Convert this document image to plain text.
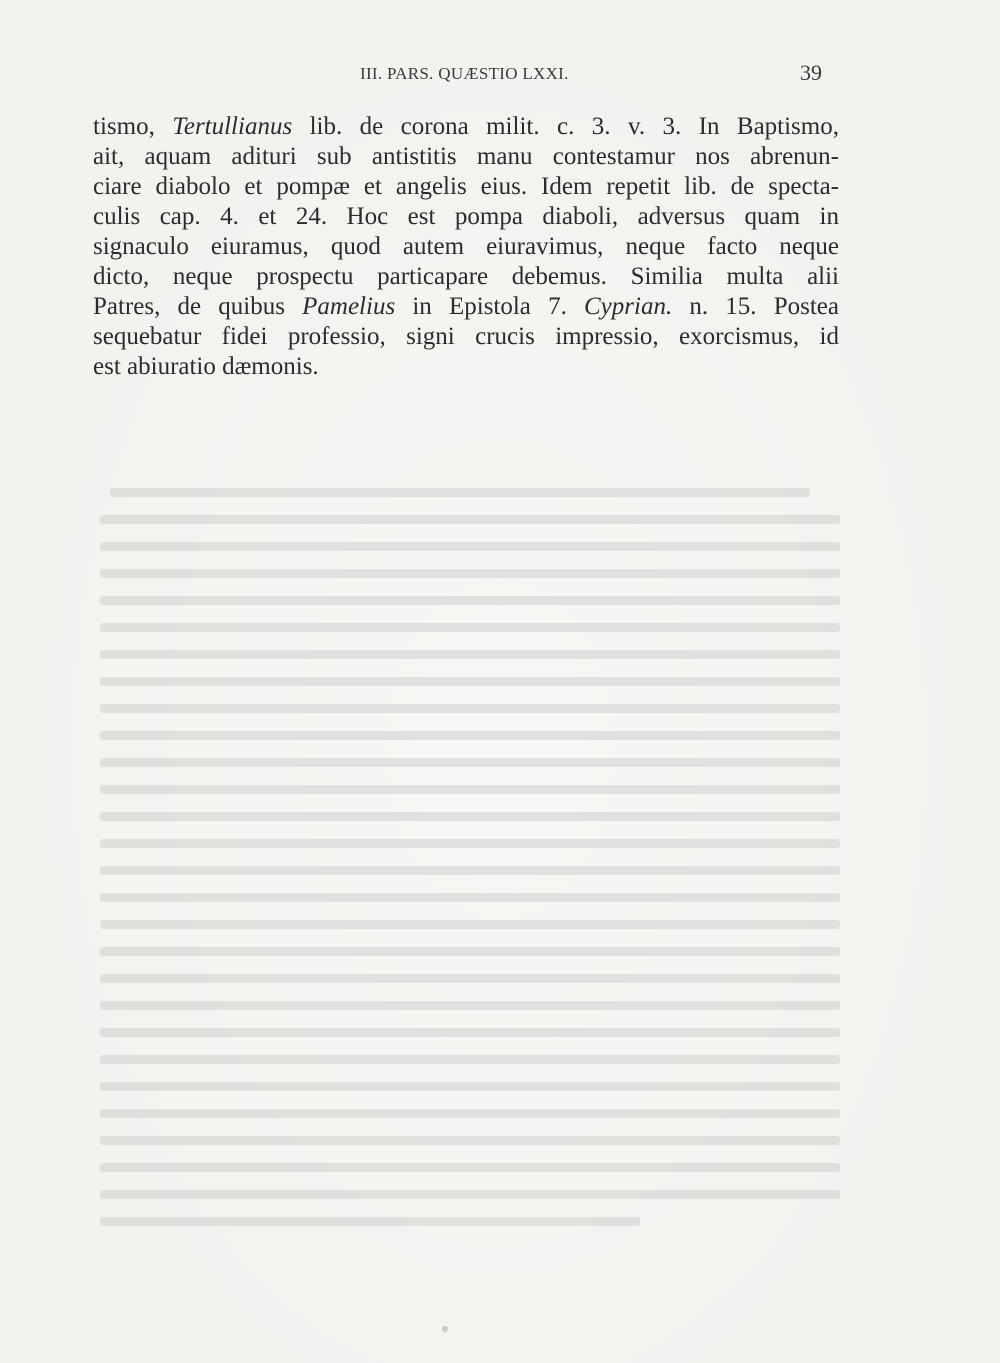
III. PARS. QUÆSTIO LXXI.	39
tismo, Tertullianus lib. de corona milit. c. 3. v. 3. In Baptismo,
ait, aquam adituri sub antistitis manu contestamur nos abrenun-
ciare diabolo et pompæ et angelis eius. Idem repetit lib. de specta-
culis cap. 4. et 24. Hoc est pompa diaboli, adversus quam in
signaculo eiuramus, quod autem eiuravimus, neque facto neque
dicto, neque prospectu particapare debemus. Similia multa alii
Patres, de quibus Pamelius in Epistola 7. Cyprian. n. 15. Postea
sequebatur fidei professio, signi crucis impressio, exorcismus, id
est abiuratio dæmonis.
